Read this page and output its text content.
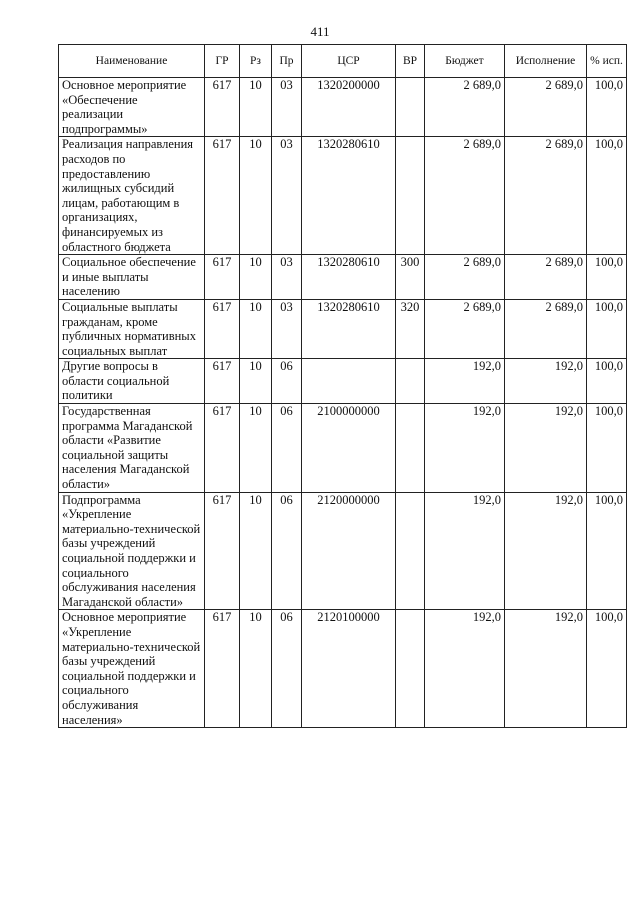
411
Наименование	ГР	Рз	Пр	ЦСР	ВР	Бюджет	Исполнение	% исп.
Основное мероприятие «Обеспечение реализации подпрограммы»	617	10	03	1320200000		2 689,0	2 689,0	100,0
Реализация направления расходов по предоставлению жилищных субсидий лицам, работающим в организациях, финансируемых из областного бюджета	617	10	03	1320280610		2 689,0	2 689,0	100,0
Социальное обеспечение и иные выплаты населению	617	10	03	1320280610	300	2 689,0	2 689,0	100,0
Социальные выплаты гражданам, кроме публичных нормативных социальных выплат	617	10	03	1320280610	320	2 689,0	2 689,0	100,0
Другие вопросы в области социальной политики	617	10	06			192,0	192,0	100,0
Государственная программа Магаданской области «Развитие социальной защиты населения Магаданской области»	617	10	06	2100000000		192,0	192,0	100,0
Подпрограмма «Укрепление материально-технической базы учреждений социальной поддержки и социального обслуживания населения Магаданской области»	617	10	06	2120000000		192,0	192,0	100,0
Основное мероприятие «Укрепление материально-технической базы учреждений социальной поддержки и социального обслуживания населения»	617	10	06	2120100000		192,0	192,0	100,0
